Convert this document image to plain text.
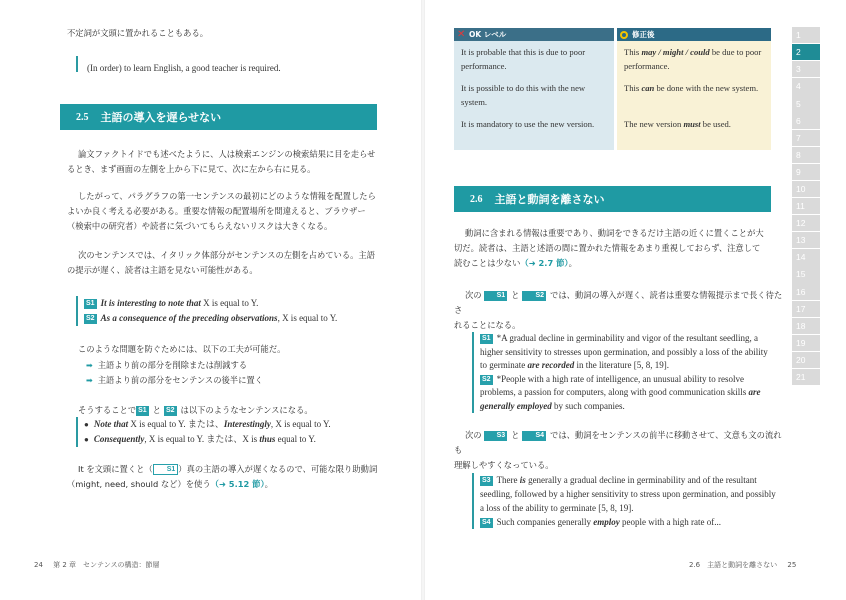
不定詞が文頭に置かれることもある。
(In order) to learn English, a good teacher is required.
2.5 主語の導入を遅らせない
論文ファクトイドでも述べたように、人は検索エンジンの検索結果に目を走らせ
るとき、まず画面の左側を上から下に見て、次に左から右に見る。
したがって、パラグラフの第一センテンスの最初にどのような情報を配置したら
よいか良く考える必要がある。重要な情報の配置場所を間違えると、ブラウザー
（検索中の研究者）や読者に気づいてもらえないリスクは大きくなる。
次のセンテンスでは、イタリック体部分がセンテンスの左側を占めている。主語
の提示が遅く、読者は主語を見ない可能性がある。
S1 It is interesting to note that X is equal to Y.
S2 As a consequence of the preceding observations, X is equal to Y.
このような問題を防ぐためには、以下の工夫が可能だ。
➡ 主語より前の部分を削除または削減する
➡ 主語より前の部分をセンテンスの後半に置く
そうすることで S1 と S2 は以下のようなセンテンスになる。
● Note that X is equal to Y. または、Interestingly, X is equal to Y.
● Consequently, X is equal to Y. または、X is thus equal to Y.
It を文頭に置くと（ S1 ）真の主語の導入が遅くなるので、可能な限り助動詞
（might, need, should など）を使う（➜ 5.12 節）。
24 第 2 章　センテンスの構造：節層
✕ OK レベル
It is probable that this is due to poor performance.
It is possible to do this with the new system.
It is mandatory to use the new version.
修正後
This may / might / could be due to poor performance.
This can be done with the new system.
The new version must be used.
2.6 主語と動詞を離さない
動詞に含まれる情報は重要であり、動詞をできるだけ主語の近くに置くことが大
切だ。読者は、主語と述語の間に置かれた情報をあまり重視しておらず、注意して
読むことは少ない（➜ 2.7 節）。
次の S1 と S2 では、動詞の導入が遅く、読者は重要な情報提示まで長く待たさ
れることになる。
S1 *A gradual decline in germinability and vigor of the resultant seedling, a
higher sensitivity to stresses upon germination, and possibly a loss of the ability
to germinate are recorded in the literature [5, 8, 19].
S2 *People with a high rate of intelligence, an unusual ability to resolve
problems, a passion for computers, along with good communication skills are
generally employed by such companies.
次の S3 と S4 では、動詞をセンテンスの前半に移動させて、文意も文の流れも
理解しやすくなっている。
S3 There is generally a gradual decline in germinability and of the resultant
seedling, followed by a higher sensitivity to stress upon germination, and possibly
a loss of the ability to germinate [5, 8, 19].
S4 Such companies generally employ people with a high rate of...
2.6　主語と動詞を離さない 25
1
2
3
4
5
6
7
8
9
10
11
12
13
14
15
16
17
18
19
20
21
